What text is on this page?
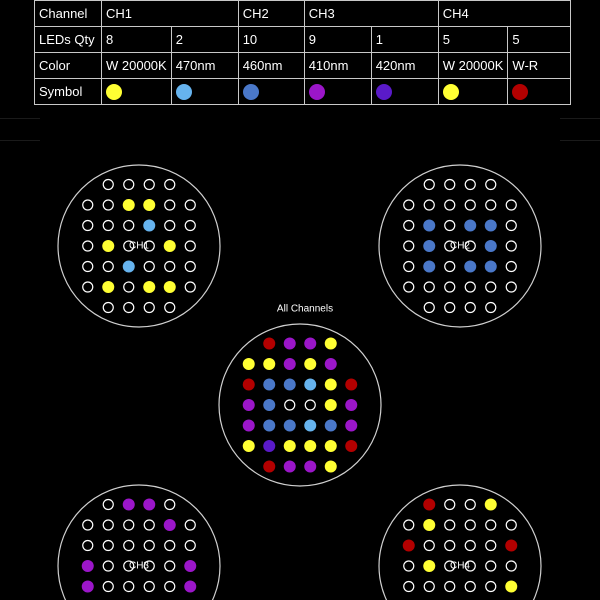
Channel	CH1		CH2	CH3		CH4	
LEDs Qty	8	2	10	9	1	5	5
Color	W 20000K	470nm	460nm	410nm	420nm	W 20000K	W-R
Symbol							
CH1	CH2
All Channels
CH3	CH4
